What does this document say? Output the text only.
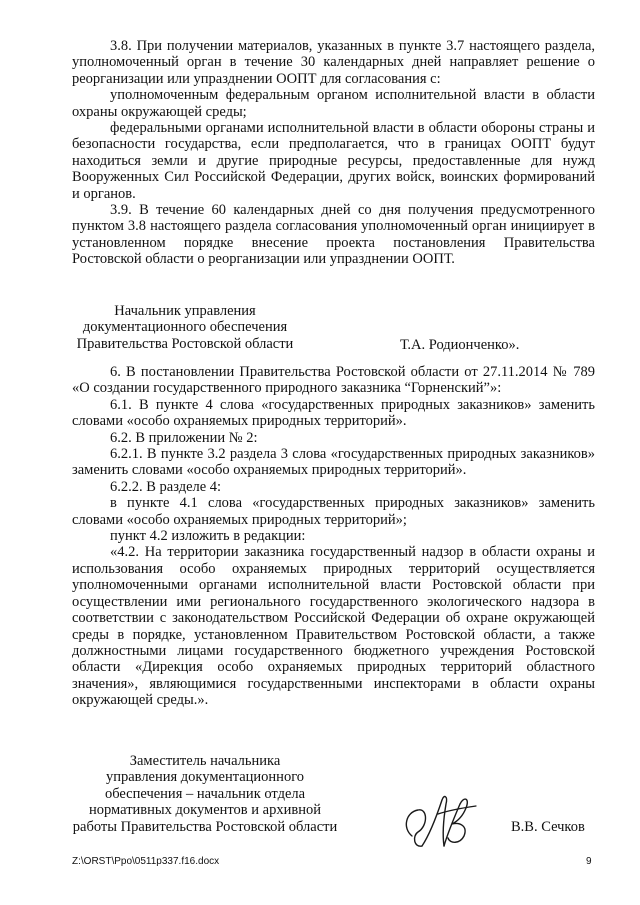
3.8. При получении материалов, указанных в пункте 3.7 настоящего раздела, уполномоченный орган в течение 30 календарных дней направляет решение о реорганизации или упразднении ООПТ для согласования с:

уполномоченным федеральным органом исполнительной власти в области охраны окружающей среды;

федеральными органами исполнительной власти в области обороны страны и безопасности государства, если предполагается, что в границах ООПТ будут находиться земли и другие природные ресурсы, предоставленные для нужд Вооруженных Сил Российской Федерации, других войск, воинских формирований и органов.

3.9. В течение 60 календарных дней со дня получения предусмотренного пунктом 3.8 настоящего раздела согласования уполномоченный орган инициирует в установленном порядке внесение проекта постановления Правительства Ростовской области о реорганизации или упразднении ООПТ.

Начальник управления
документационного обеспечения
Правительства Ростовской области	Т.А. Родионченко».

6. В постановлении Правительства Ростовской области от 27.11.2014 № 789 «О создании государственного природного заказника “Горненский”»:

6.1. В пункте 4 слова «государственных природных заказников» заменить словами «особо охраняемых природных территорий».

6.2. В приложении № 2:

6.2.1. В пункте 3.2 раздела 3 слова «государственных природных заказников» заменить словами «особо охраняемых природных территорий».

6.2.2. В разделе 4:

в пункте 4.1 слова «государственных природных заказников» заменить словами «особо охраняемых природных территорий»;

пункт 4.2 изложить в редакции:

«4.2. На территории заказника государственный надзор в области охраны и использования особо охраняемых природных территорий осуществляется уполномоченными органами исполнительной власти Ростовской области при осуществлении ими регионального государственного экологического надзора в соответствии с законодательством Российской Федерации об охране окружающей среды в порядке, установленном Правительством Ростовской области, а также должностными лицами государственного бюджетного учреждения Ростовской области «Дирекция особо охраняемых природных территорий областного значения», являющимися государственными инспекторами в области охраны окружающей среды.».

Заместитель начальника
управления документационного
обеспечения – начальник отдела
нормативных документов и архивной
работы Правительства Ростовской области	В.В. Сечков
Z:\ORST\Ppo\0511p337.f16.docx	9
